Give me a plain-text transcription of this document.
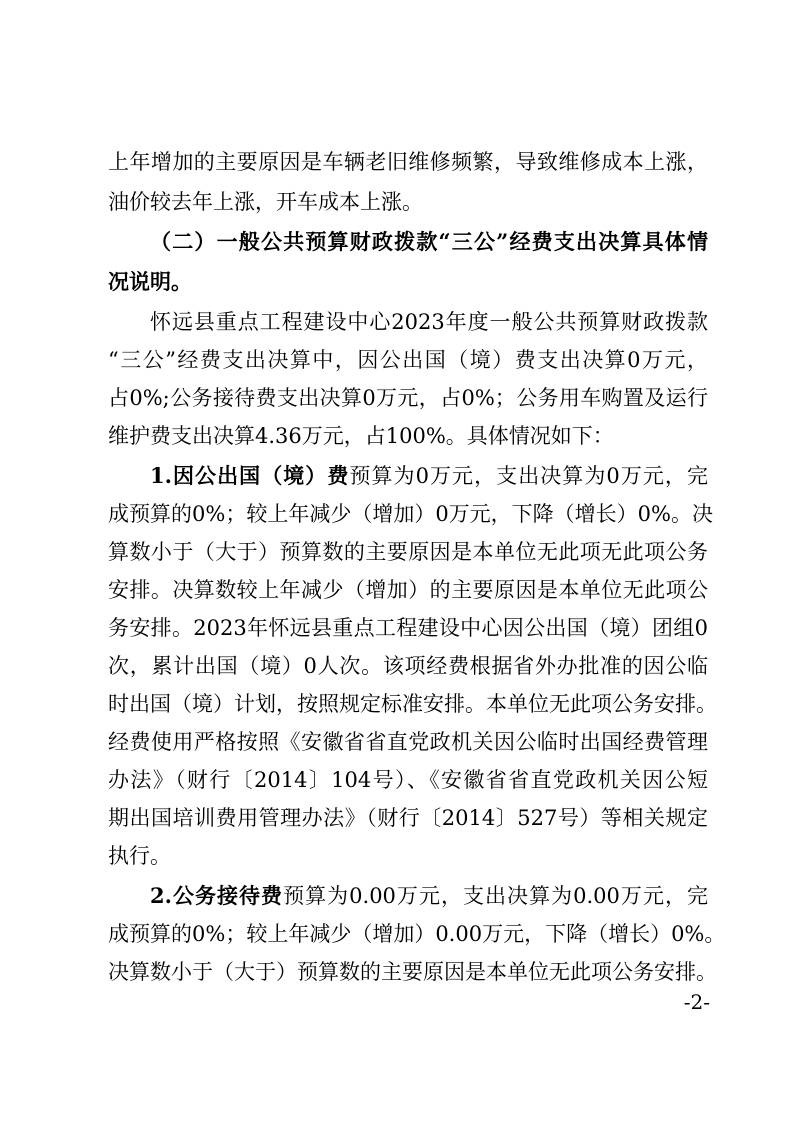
上年增加的主要原因是车辆老旧维修频繁，导致维修成本上涨，
油价较去年上涨，开车成本上涨。
（二）一般公共预算财政拨款“三公”经费支出决算具体情
况说明。
怀远县重点工程建设中心2023年度一般公共预算财政拨款
“三公”经费支出决算中，因公出国（境）费支出决算0万元，
占0%;公务接待费支出决算0万元，占0%；公务用车购置及运行
维护费支出决算4.36万元，占100%。具体情况如下：
1.因公出国（境）费预算为0万元，支出决算为0万元，完
成预算的0%；较上年减少（增加）0万元，下降（增长）0%。决
算数小于（大于）预算数的主要原因是本单位无此项无此项公务
安排。决算数较上年减少（增加）的主要原因是本单位无此项公
务安排。2023年怀远县重点工程建设中心因公出国（境）团组0
次，累计出国（境）0人次。该项经费根据省外办批准的因公临
时出国（境）计划，按照规定标准安排。本单位无此项公务安排。
经费使用严格按照《安徽省省直党政机关因公临时出国经费管理
办法》（财行〔2014〕104号）、《安徽省省直党政机关因公短
期出国培训费用管理办法》（财行〔2014〕527号）等相关规定
执行。
2.公务接待费预算为0.00万元，支出决算为0.00万元，完
成预算的0%；较上年减少（增加）0.00万元，下降（增长）0%。
决算数小于（大于）预算数的主要原因是本单位无此项公务安排。
-2-
